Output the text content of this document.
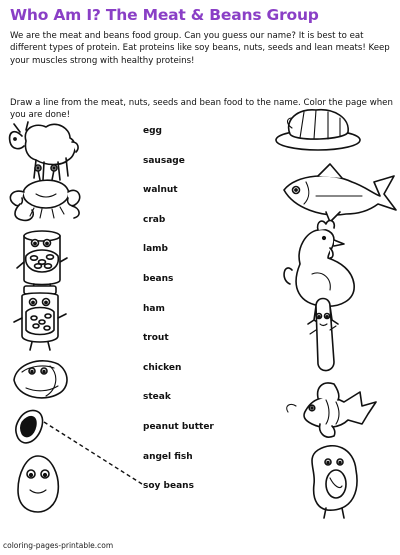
Who Am I? The Meat & Beans Group

We are the meat and beans food group. Can you guess our name? It is best to eat different types of protein. Eat proteins like soy beans, nuts, seeds and lean meats! Keep your muscles strong with healthy proteins!

Draw a line from the meat, nuts, seeds and bean food to the name. Color the page when you are done!

egg
sausage
walnut
crab
lamb
beans
ham
trout
chicken
steak
peanut butter
angel fish
soy beans
coloring-pages-printable.com
